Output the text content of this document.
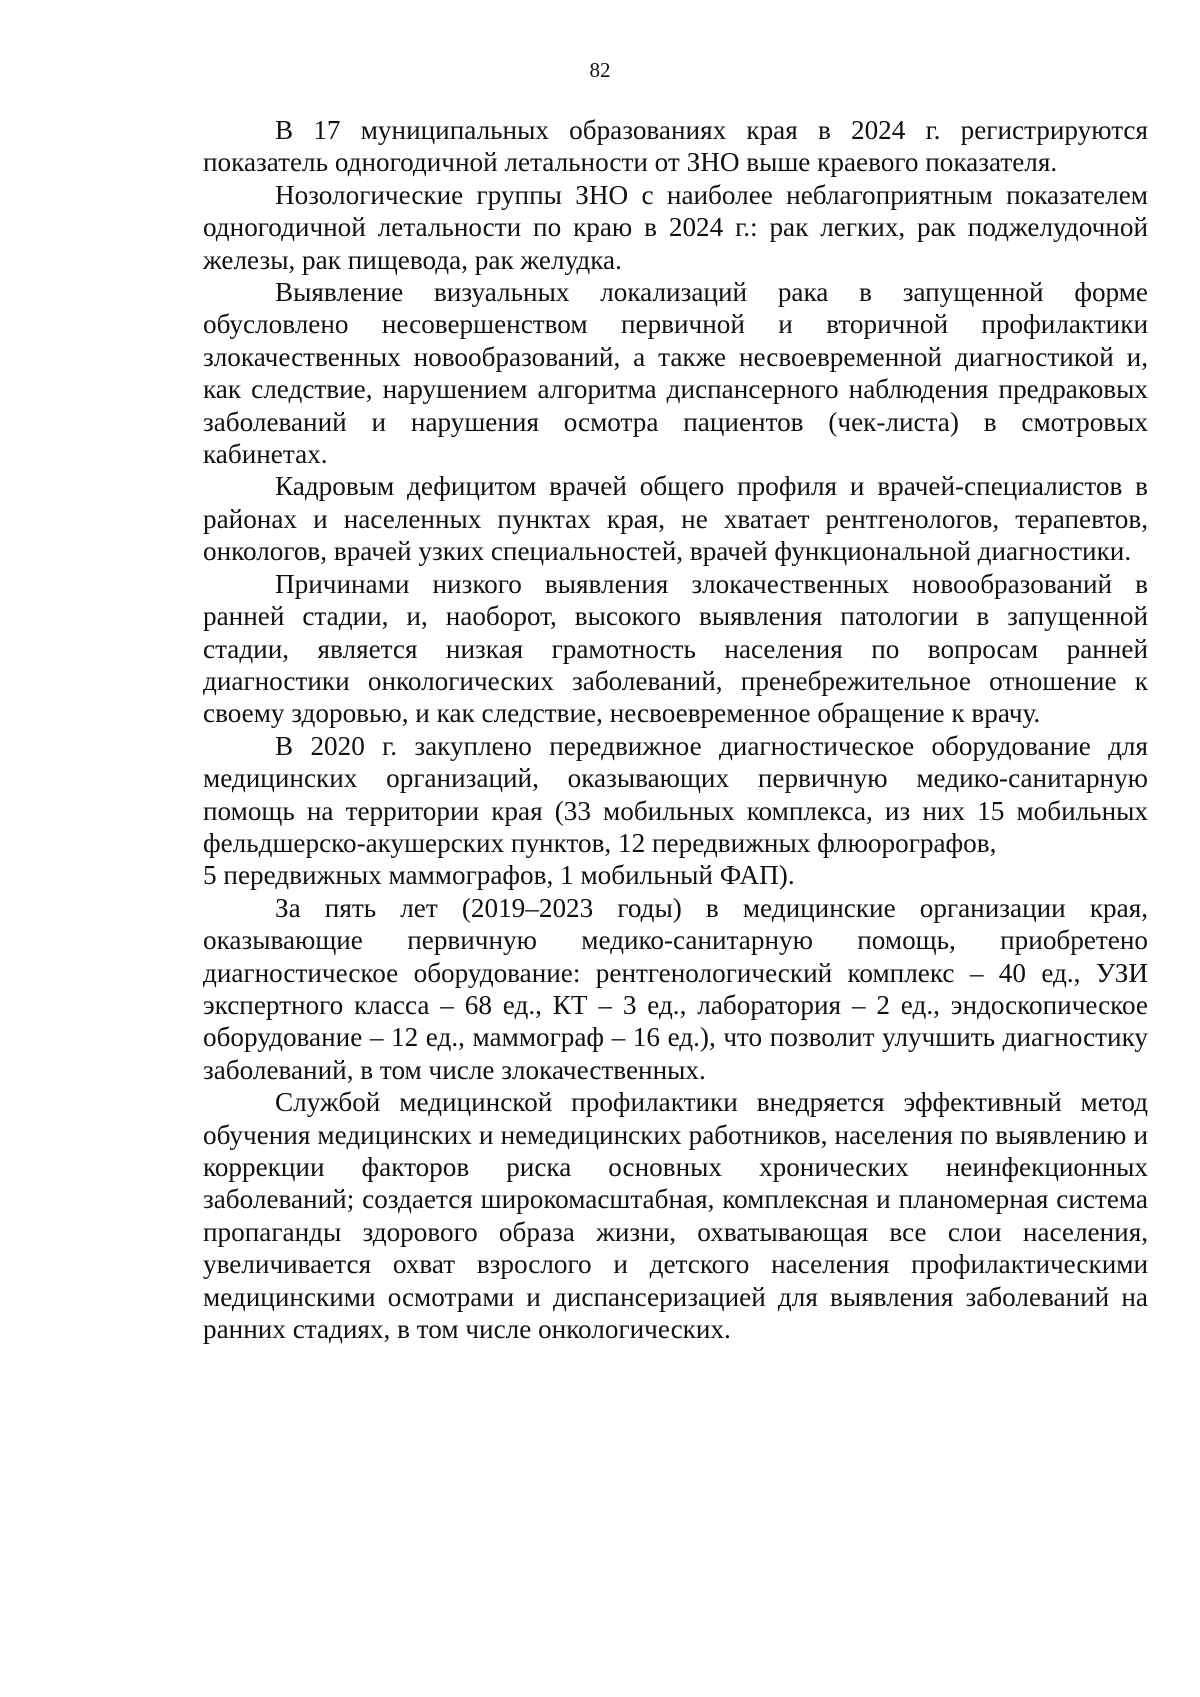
82

В 17 муниципальных образованиях края в 2024 г. регистрируются показатель одногодичной летальности от ЗНО выше краевого показателя.

Нозологические группы ЗНО с наиболее неблагоприятным показателем одногодичной летальности по краю в 2024 г.: рак легких, рак поджелудочной железы, рак пищевода, рак желудка.

Выявление визуальных локализаций рака в запущенной форме обусловлено несовершенством первичной и вторичной профилактики злокачественных новообразований, а также несвоевременной диагностикой и, как следствие, нарушением алгоритма диспансерного наблюдения предраковых заболеваний и нарушения осмотра пациентов (чек-листа) в смотровых кабинетах.

Кадровым дефицитом врачей общего профиля и врачей-специалистов в районах и населенных пунктах края, не хватает рентгенологов, терапевтов, онкологов, врачей узких специальностей, врачей функциональной диагностики.

Причинами низкого выявления злокачественных новообразований в ранней стадии, и, наоборот, высокого выявления патологии в запущенной стадии, является низкая грамотность населения по вопросам ранней диагностики онкологических заболеваний, пренебрежительное отношение к своему здоровью, и как следствие, несвоевременное обращение к врачу.

В 2020 г. закуплено передвижное диагностическое оборудование для медицинских организаций, оказывающих первичную медико-санитарную помощь на территории края (33 мобильных комплекса, из них 15 мобильных фельдшерско-акушерских пунктов, 12 передвижных флюорографов,

5 передвижных маммографов, 1 мобильный ФАП).

За пять лет (2019–2023 годы) в медицинские организации края, оказывающие первичную медико-санитарную помощь, приобретено диагностическое оборудование: рентгенологический комплекс – 40 ед., УЗИ экспертного класса – 68 ед., КТ – 3 ед., лаборатория – 2 ед., эндоскопическое оборудование – 12 ед., маммограф – 16 ед.), что позволит улучшить диагностику заболеваний, в том числе злокачественных.

Службой медицинской профилактики внедряется эффективный метод обучения медицинских и немедицинских работников, населения по выявлению и коррекции факторов риска основных хронических неинфекционных заболеваний; создается широкомасштабная, комплексная и планомерная система пропаганды здорового образа жизни, охватывающая все слои населения, увеличивается охват взрослого и детского населения профилактическими медицинскими осмотрами и диспансеризацией для выявления заболеваний на ранних стадиях, в том числе онкологических.
